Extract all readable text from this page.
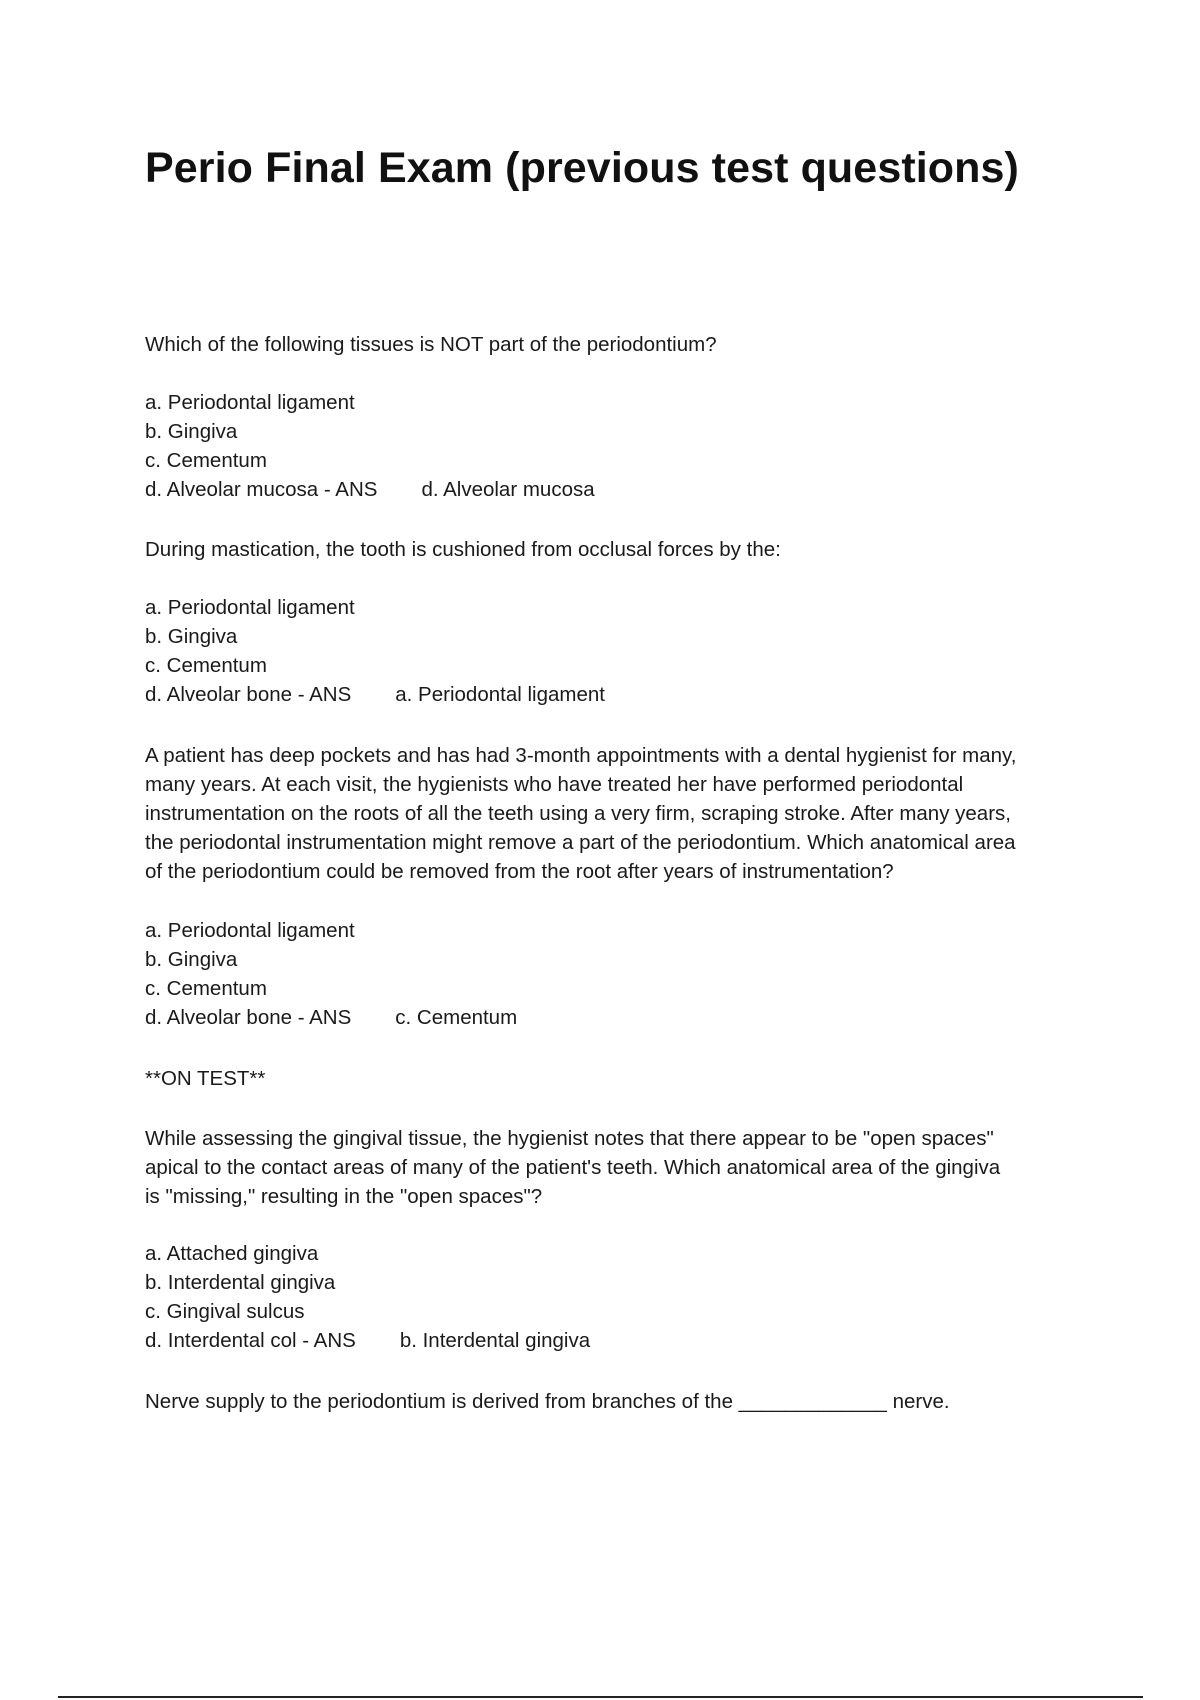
Perio Final Exam (previous test questions)
Which of the following tissues is NOT part of the periodontium?
a. Periodontal ligament
b. Gingiva
c. Cementum
d. Alveolar mucosa - ANS d. Alveolar mucosa
During mastication, the tooth is cushioned from occlusal forces by the:
a. Periodontal ligament
b. Gingiva
c. Cementum
d. Alveolar bone - ANS a. Periodontal ligament
A patient has deep pockets and has had 3-month appointments with a dental hygienist for many,
many years. At each visit, the hygienists who have treated her have performed periodontal
instrumentation on the roots of all the teeth using a very firm, scraping stroke. After many years,
the periodontal instrumentation might remove a part of the periodontium. Which anatomical area
of the periodontium could be removed from the root after years of instrumentation?
a. Periodontal ligament
b. Gingiva
c. Cementum
d. Alveolar bone - ANS c. Cementum
**ON TEST**
While assessing the gingival tissue, the hygienist notes that there appear to be "open spaces"
apical to the contact areas of many of the patient's teeth. Which anatomical area of the gingiva
is "missing," resulting in the "open spaces"?
a. Attached gingiva
b. Interdental gingiva
c. Gingival sulcus
d. Interdental col - ANS b. Interdental gingiva
Nerve supply to the periodontium is derived from branches of the _____________ nerve.
